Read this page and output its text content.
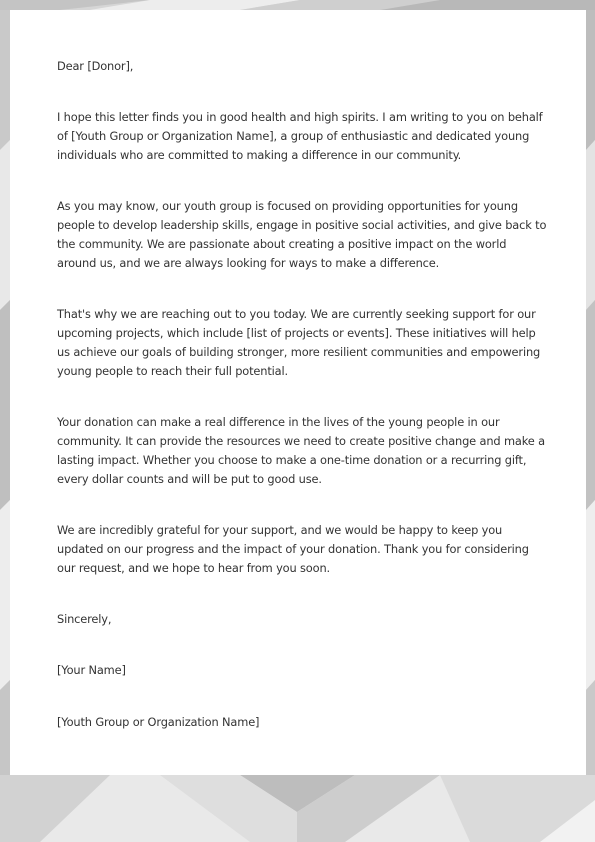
Dear [Donor],

I hope this letter finds you in good health and high spirits. I am writing to you on behalf of [Youth Group or Organization Name], a group of enthusiastic and dedicated young individuals who are committed to making a difference in our community.

As you may know, our youth group is focused on providing opportunities for young people to develop leadership skills, engage in positive social activities, and give back to the community. We are passionate about creating a positive impact on the world around us, and we are always looking for ways to make a difference.

That's why we are reaching out to you today. We are currently seeking support for our upcoming projects, which include [list of projects or events]. These initiatives will help us achieve our goals of building stronger, more resilient communities and empowering young people to reach their full potential.

Your donation can make a real difference in the lives of the young people in our community. It can provide the resources we need to create positive change and make a lasting impact. Whether you choose to make a one-time donation or a recurring gift, every dollar counts and will be put to good use.

We are incredibly grateful for your support, and we would be happy to keep you updated on our progress and the impact of your donation. Thank you for considering our request, and we hope to hear from you soon.

Sincerely,

[Your Name]

[Youth Group or Organization Name]
